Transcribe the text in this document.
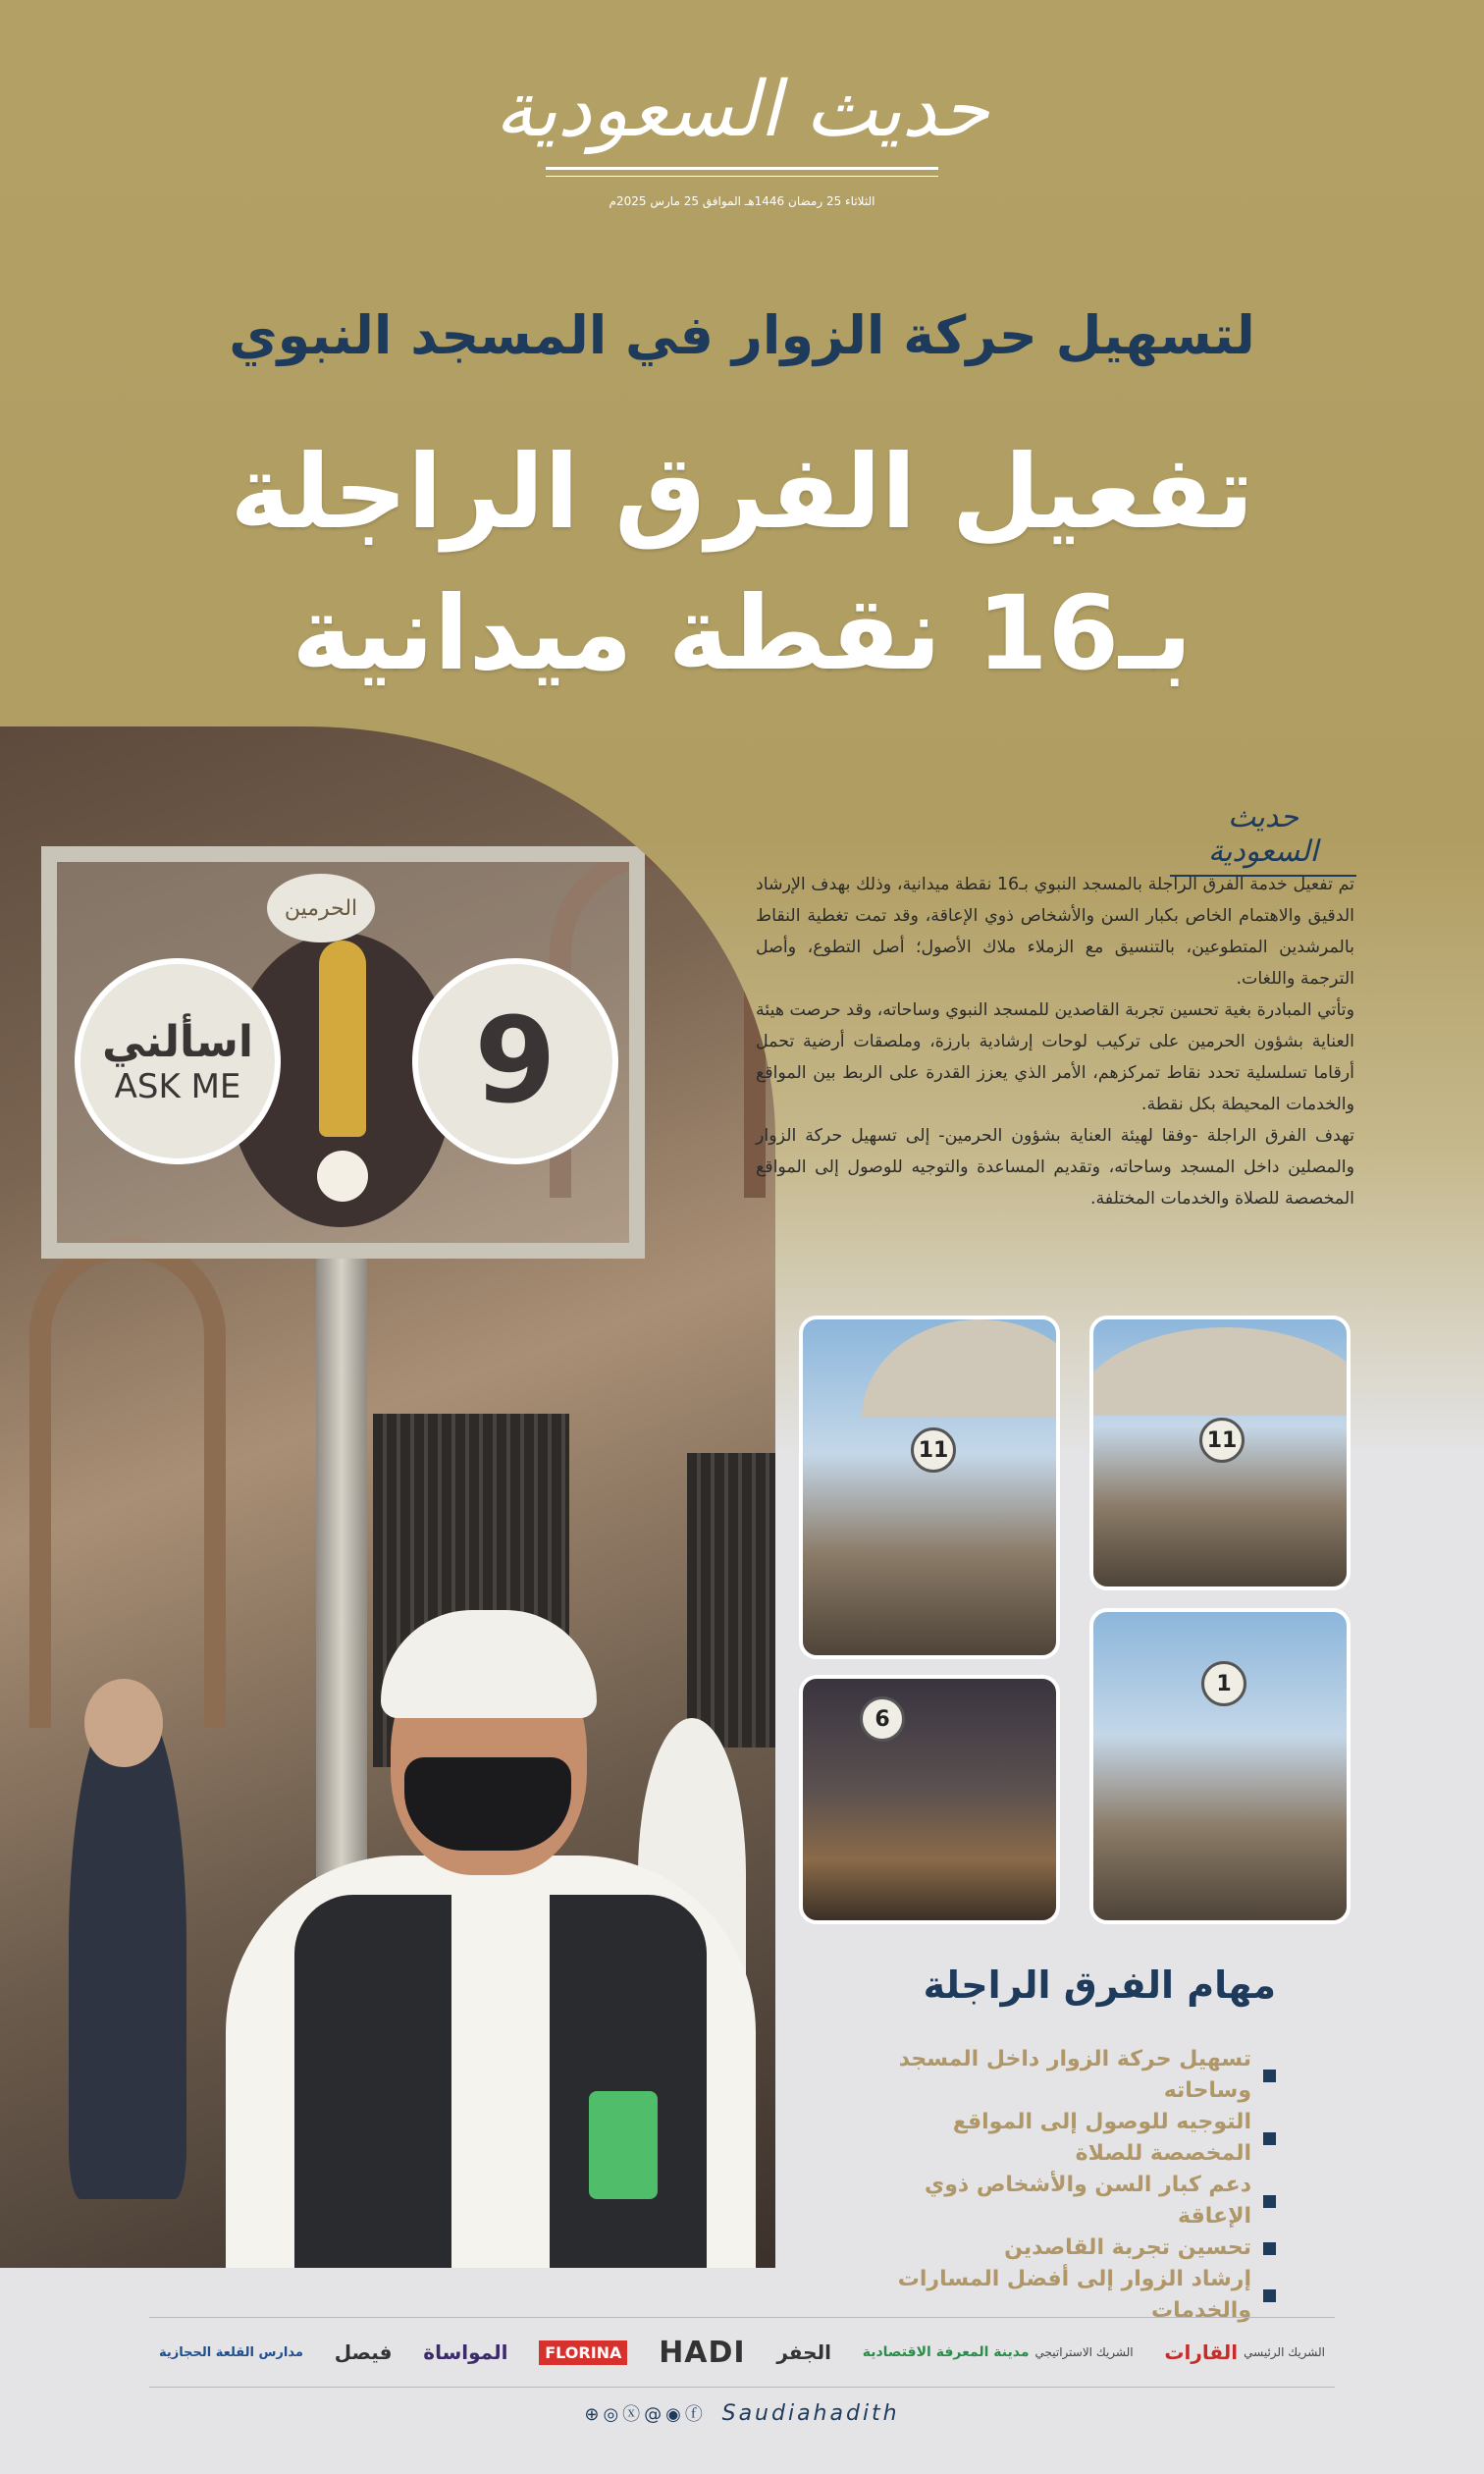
حديث السعودية
الثلاثاء 25 رمضان 1446هـ الموافق 25 مارس 2025م
لتسهيل حركة الزوار في المسجد النبوي
تفعيل الفرق الراجلة
بـ16 نقطة ميدانية
الحرمين
اسألني
ASK ME	9
حديث السعودية

تم تفعيل خدمة الفرق الراجلة بالمسجد النبوي بـ16 نقطة ميدانية، وذلك بهدف الإرشاد الدقيق والاهتمام الخاص بكبار السن والأشخاص ذوي الإعاقة، وقد تمت تغطية النقاط بالمرشدين المتطوعين، بالتنسيق مع الزملاء ملاك الأصول؛ أصل التطوع، وأصل الترجمة واللغات.

وتأتي المبادرة بغية تحسين تجربة القاصدين للمسجد النبوي وساحاته، وقد حرصت هيئة العناية بشؤون الحرمين على تركيب لوحات إرشادية بارزة، وملصقات أرضية تحمل أرقاما تسلسلية تحدد نقاط تمركزهم، الأمر الذي يعزز القدرة على الربط بين المواقع والخدمات المحيطة بكل نقطة.

تهدف الفرق الراجلة -وفقا لهيئة العناية بشؤون الحرمين- إلى تسهيل حركة الزوار والمصلين داخل المسجد وساحاته، وتقديم المساعدة والتوجيه للوصول إلى المواقع المخصصة للصلاة والخدمات المختلفة.

11
11
1
6
مهام الفرق الراجلة
تسهيل حركة الزوار داخل المسجد وساحاته
التوجيه للوصول إلى المواقع المخصصة للصلاة
دعم كبار السن والأشخاص ذوي الإعاقة
تحسين تجربة القاصدين
إرشاد الزوار إلى أفضل المسارات والخدمات
الشريك الرئيسي
القارات
الشريك الاستراتيجي
مدينة المعرفة الاقتصادية
الجفر
HADI
FLORINA
المواساة
فيصل
مدارس القلعة الحجازية
⊕◎ⓧ@◉ⓕ Saudiahadith
